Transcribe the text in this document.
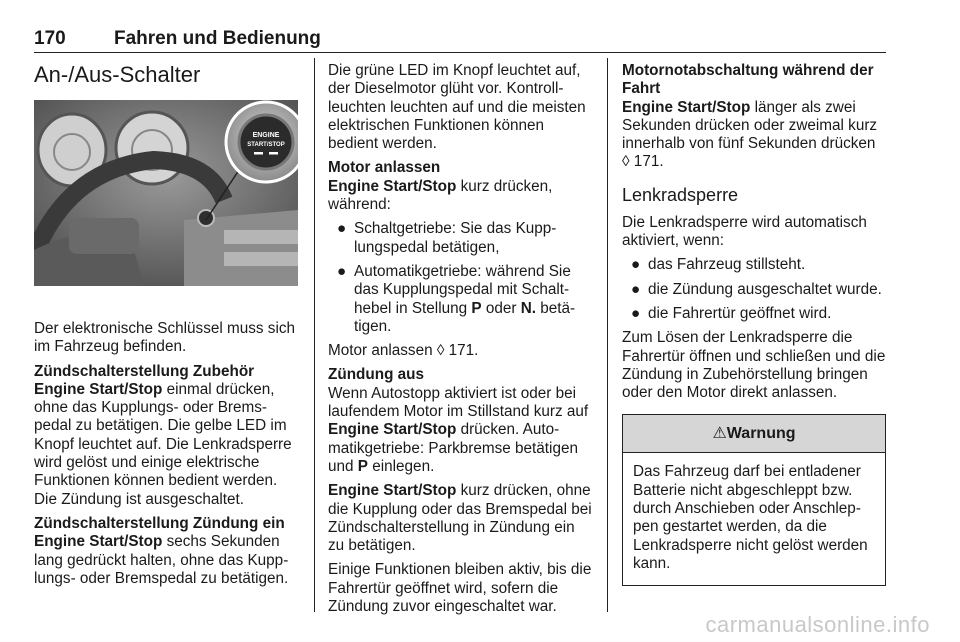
170	Fahren und Bedienung
An-/Aus-Schalter
ENGINE
START/STOP

Der elektronische Schlüssel muss sich im Fahrzeug befinden.

Zündschalterstellung Zubehör

Engine Start/Stop einmal drücken, ohne das Kupplungs- oder Bremspedal zu betätigen. Die gelbe LED im Knopf leuchtet auf. Die Lenkradsperre wird gelöst und einige elektrische Funktionen können bedient werden. Die Zündung ist ausgeschaltet.

Zündschalterstellung Zündung ein

Engine Start/Stop sechs Sekunden lang gedrückt halten, ohne das Kupplungs- oder Bremspedal zu betätigen.

Die grüne LED im Knopf leuchtet auf, der Dieselmotor glüht vor. Kontrollleuchten leuchten auf und die meisten elektrischen Funktionen können bedient werden.

Motor anlassen

Engine Start/Stop kurz drücken, während:

● Schaltgetriebe: Sie das Kupplungspedal betätigen,
● Automatikgetriebe: während Sie das Kupplungspedal mit Schalthebel in Stellung P oder N. betätigen.

Motor anlassen ◊ 171.

Zündung aus

Wenn Autostopp aktiviert ist oder bei laufendem Motor im Stillstand kurz auf Engine Start/Stop drücken. Automatikgetriebe: Parkbremse betätigen und P einlegen.

Engine Start/Stop kurz drücken, ohne die Kupplung oder das Bremspedal bei Zündschalterstellung in Zündung ein zu betätigen.

Einige Funktionen bleiben aktiv, bis die Fahrertür geöffnet wird, sofern die Zündung zuvor eingeschaltet war.

Motornotabschaltung während der Fahrt

Engine Start/Stop länger als zwei Sekunden drücken oder zweimal kurz innerhalb von fünf Sekunden drücken ◊ 171.

Lenkradsperre

Die Lenkradsperre wird automatisch aktiviert, wenn:

● das Fahrzeug stillsteht.
● die Zündung ausgeschaltet wurde.
● die Fahrertür geöffnet wird.

Zum Lösen der Lenkradsperre die Fahrertür öffnen und schließen und die Zündung in Zubehörstellung bringen oder den Motor direkt anlassen.

⚠Warnung
Das Fahrzeug darf bei entladener Batterie nicht abgeschleppt bzw. durch Anschieben oder Anschleppen gestartet werden, da die Lenkradsperre nicht gelöst werden kann.
carmanualsonline.info
